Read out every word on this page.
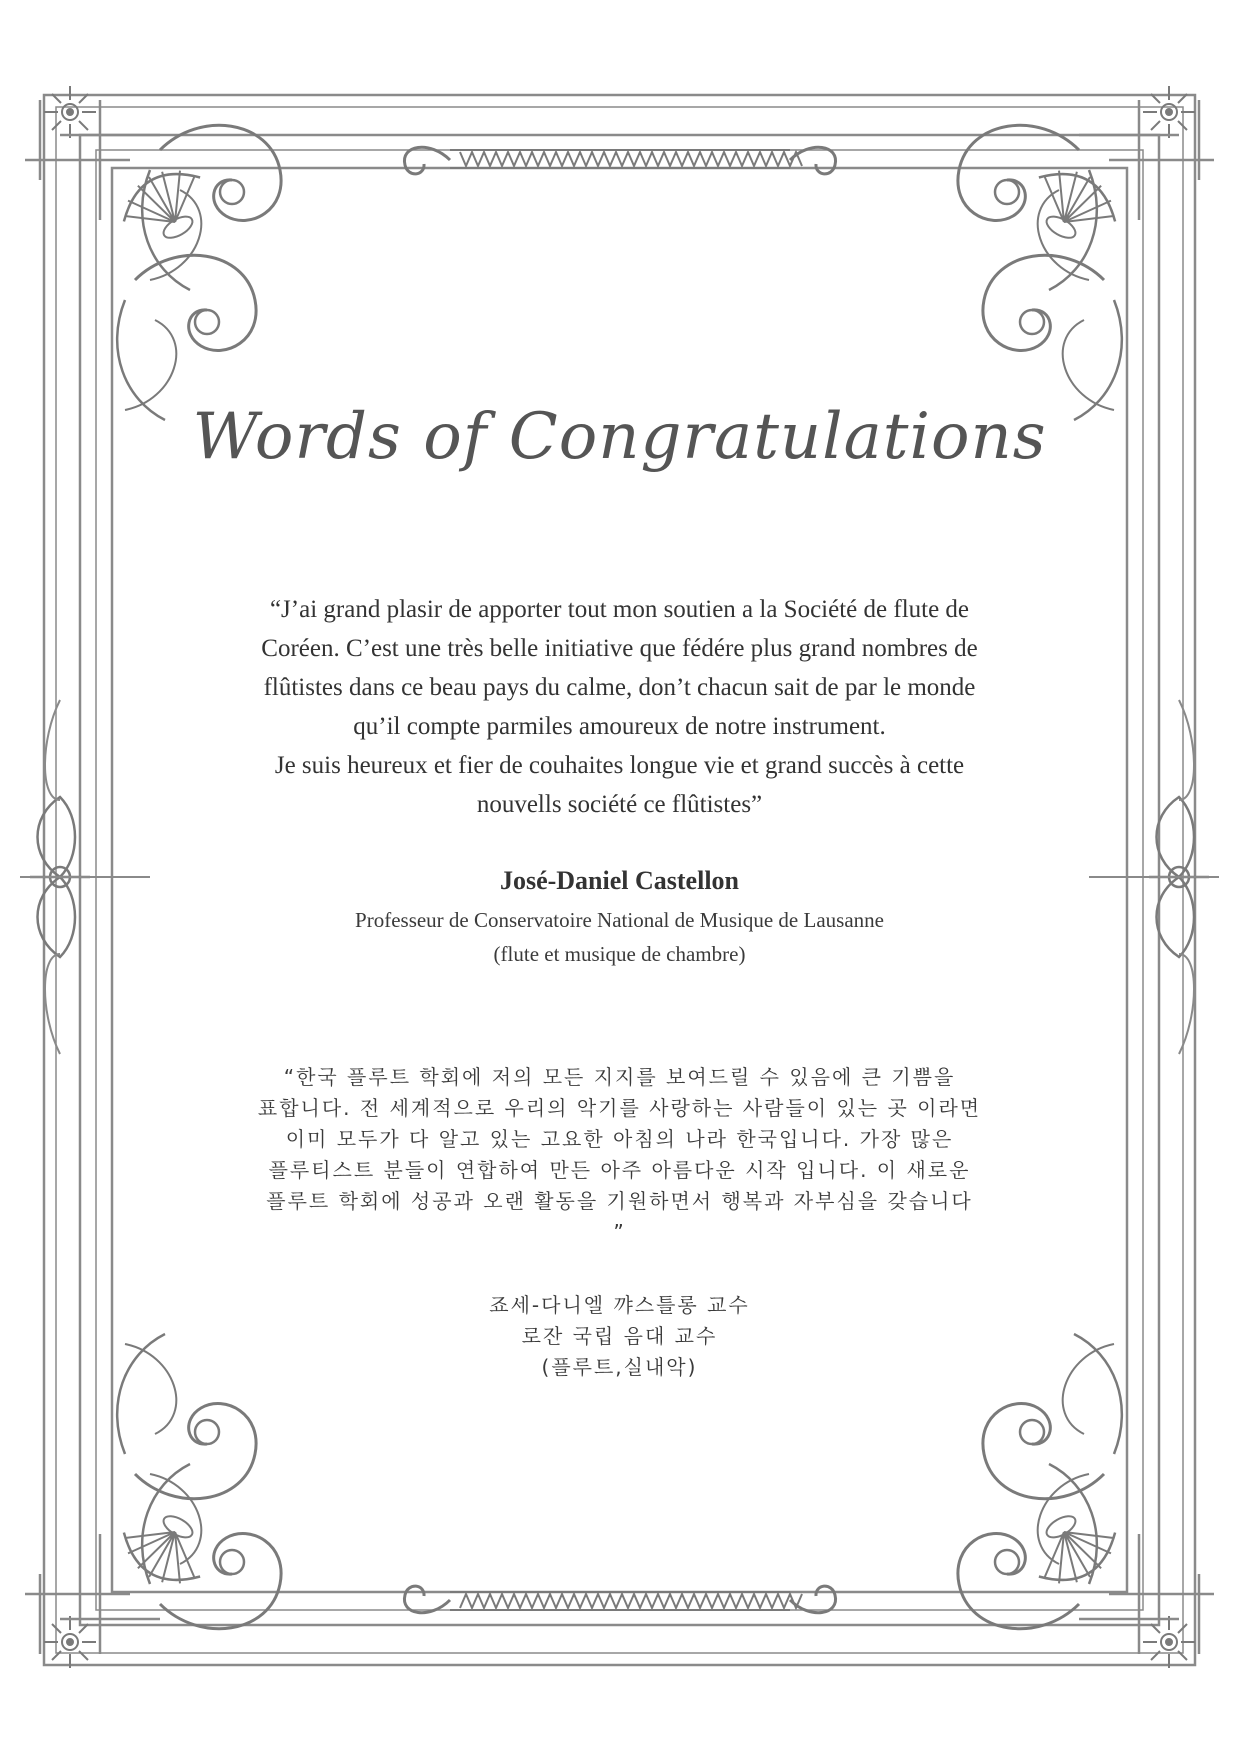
Words of Congratulations

“J’ai grand plasir de apporter tout mon soutien a la Société de flute de

Coréen. C’est une très belle initiative que fédére plus grand nombres de

flûtistes dans ce beau pays du calme, don’t chacun sait de par le monde

qu’il compte parmiles amoureux de notre instrument.

Je suis heureux et fier de couhaites longue vie et grand succès à cette

nouvells société ce flûtistes”

José-Daniel Castellon
Professeur de Conservatoire National de Musique de Lausanne
(flute et musique de chambre)

“한국 플루트 학회에 저의 모든 지지를 보여드릴 수 있음에 큰 기쁨을

표합니다. 전 세계적으로 우리의 악기를 사랑하는 사람들이 있는 곳 이라면

이미 모두가 다 알고 있는 고요한 아침의 나라 한국입니다. 가장 많은

플루티스트 분들이 연합하여 만든 아주 아름다운 시작 입니다. 이 새로운

플루트 학회에 성공과 오랜 활동을 기원하면서 행복과 자부심을 갖습니다

”

죠세-다니엘 꺄스틀롱 교수
로잔 국립 음대 교수
(플루트,실내악)
